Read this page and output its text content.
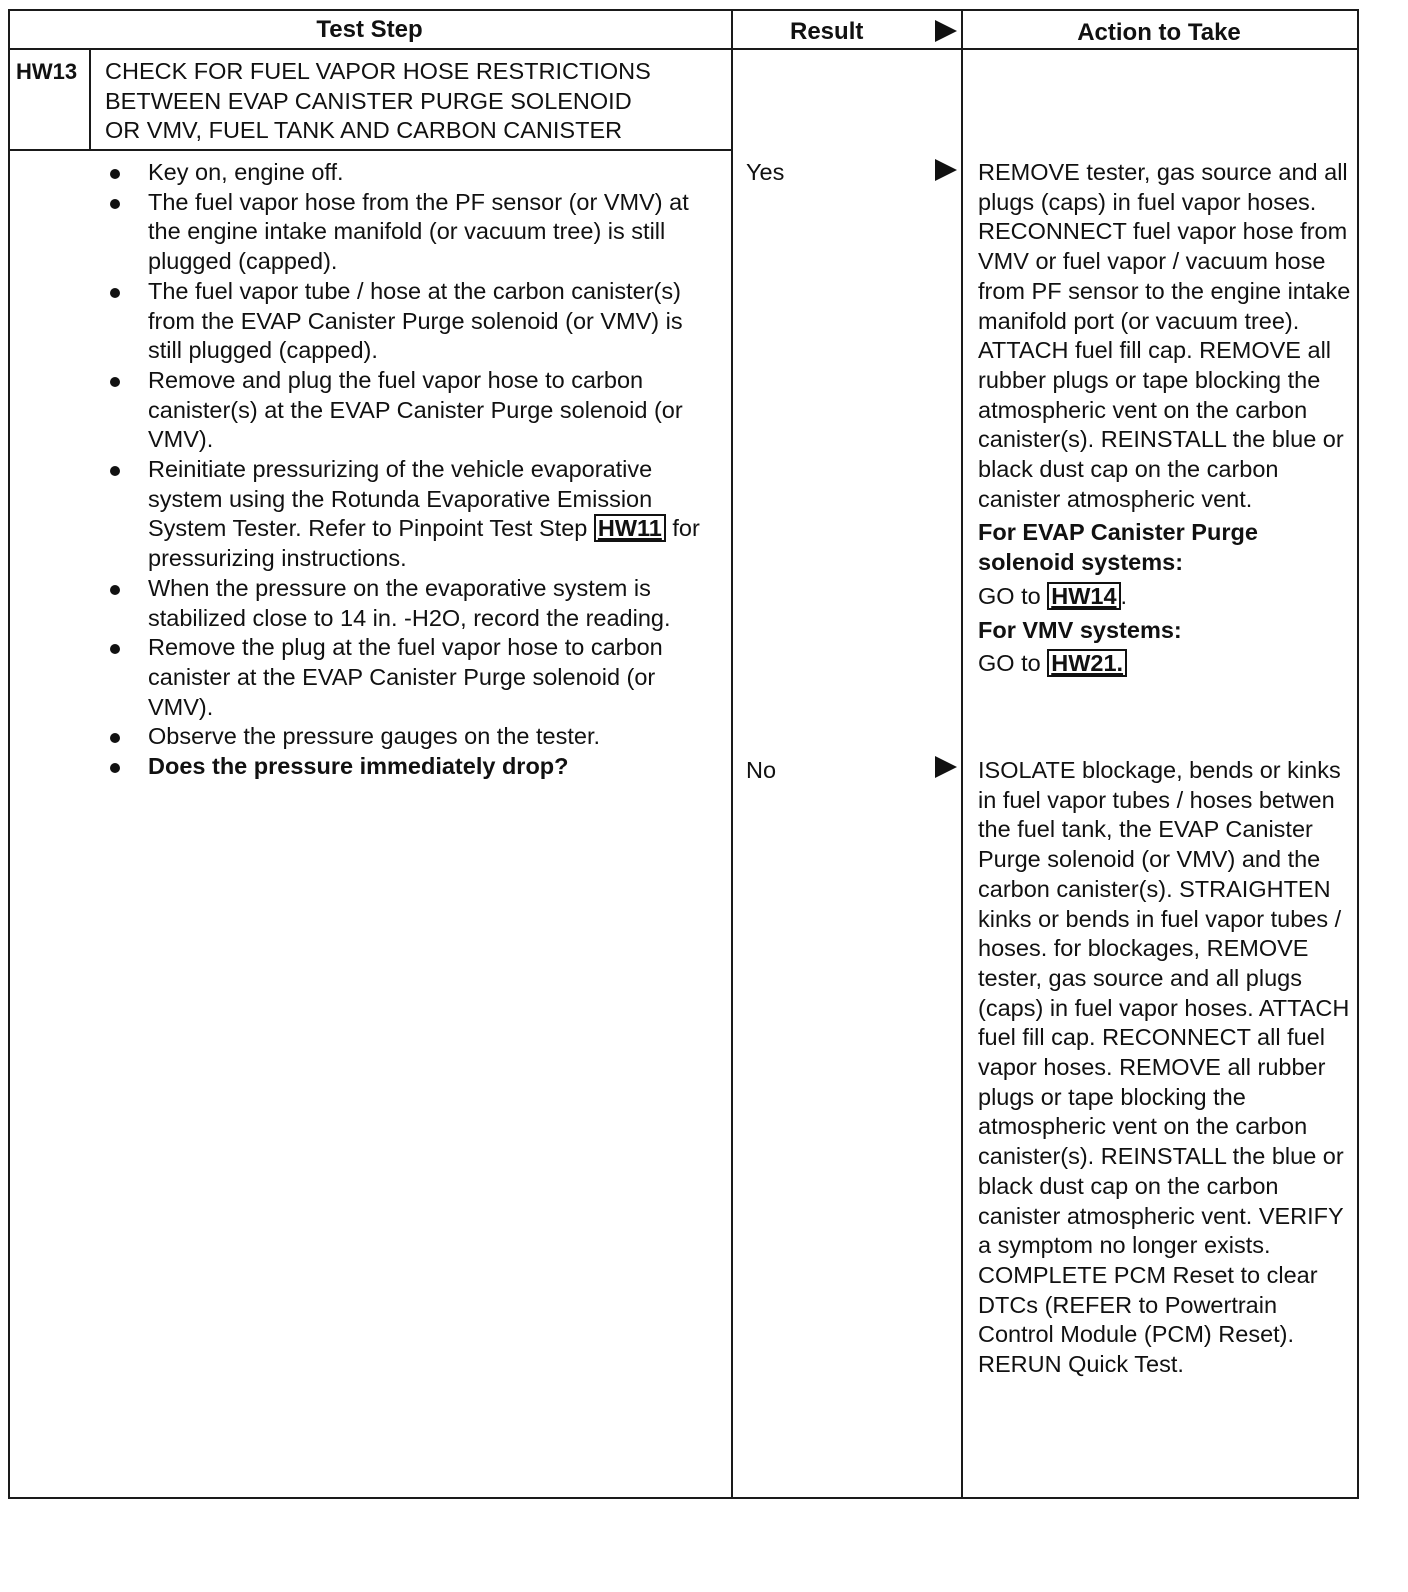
Test Step	Result	Action to Take
HW13 CHECK FOR FUEL VAPOR HOSE RESTRICTIONS
BETWEEN EVAP CANISTER PURGE SOLENOID
OR VMV, FUEL TANK AND CARBON CANISTER
Key on, engine off.
The fuel vapor hose from the PF sensor (or VMV) at the engine intake manifold (or vacuum tree) is still plugged (capped).
The fuel vapor tube / hose at the carbon canister(s) from the EVAP Canister Purge solenoid (or VMV) is still plugged (capped).
Remove and plug the fuel vapor hose to carbon canister(s) at the EVAP Canister Purge solenoid (or VMV).
Reinitiate pressurizing of the vehicle evaporative system using the Rotunda Evaporative Emission System Tester. Refer to Pinpoint Test Step HW11 for pressurizing instructions.
When the pressure on the evaporative system is stabilized close to 14 in. -H2O, record the reading.
Remove the plug at the fuel vapor hose to carbon canister at the EVAP Canister Purge solenoid (or VMV).
Observe the pressure gauges on the tester.
Does the pressure immediately drop?
Yes
No

REMOVE tester, gas source and all plugs (caps) in fuel vapor hoses. RECONNECT fuel vapor hose from VMV or fuel vapor / vacuum hose from PF sensor to the engine intake manifold port (or vacuum tree). ATTACH fuel fill cap. REMOVE all rubber plugs or tape blocking the atmospheric vent on the carbon canister(s). REINSTALL the blue or black dust cap on the carbon canister atmospheric vent.

For EVAP Canister Purge solenoid systems:

GO to HW14 .

For VMV systems:

GO to HW21.

ISOLATE blockage, bends or kinks in fuel vapor tubes / hoses betwen the fuel tank, the EVAP Canister Purge solenoid (or VMV) and the carbon canister(s). STRAIGHTEN kinks or bends in fuel vapor tubes / hoses. for blockages, REMOVE tester, gas source and all plugs (caps) in fuel vapor hoses. ATTACH fuel fill cap. RECONNECT all fuel vapor hoses. REMOVE all rubber plugs or tape blocking the atmospheric vent on the carbon canister(s). REINSTALL the blue or black dust cap on the carbon canister atmospheric vent. VERIFY a symptom no longer exists. COMPLETE PCM Reset to clear DTCs (REFER to Powertrain Control Module (PCM) Reset). RERUN Quick Test.
